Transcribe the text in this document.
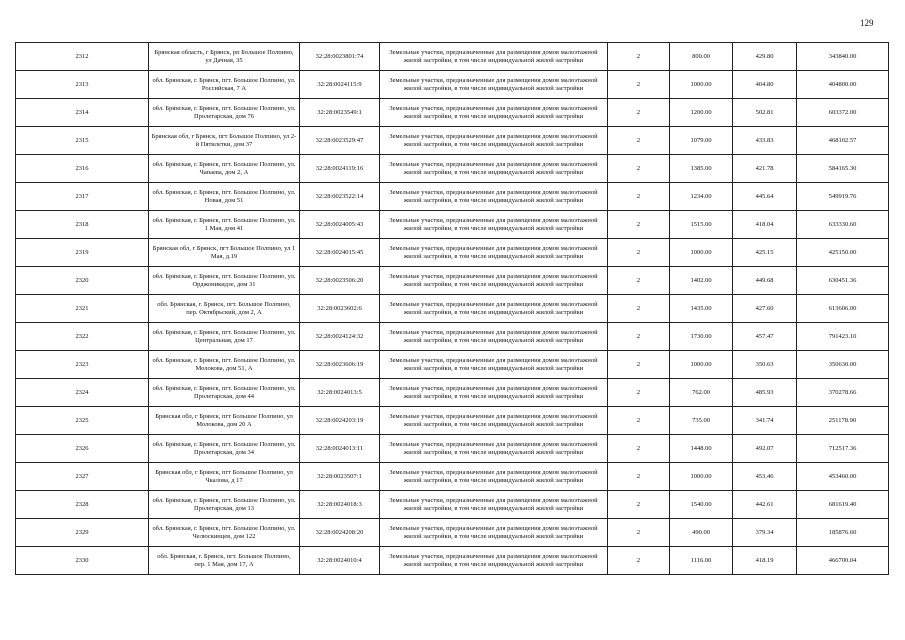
129
2312	Брянская область, г Брянск, рп Большое Полпино, ул Дачная, 35	32:28:0023801:74	Земельные участки, предназначенные для размещения домов малоэтажной жилой застройки, в том числе индивидуальной жилой застройки	2	800.00	429.80	343840.00
2313	обл. Брянская, г. Брянск, пгт. Большое Полпино, ул. Российская, 7 А	32:28:0024115:9	Земельные участки, предназначенные для размещения домов малоэтажной жилой застройки, в том числе индивидуальной жилой застройки	2	1000.00	404.80	404800.00
2314	обл. Брянская, г. Брянск, пгт. Большое Полпино, ул. Пролетарская, дом 76	32:28:0023549:1	Земельные участки, предназначенные для размещения домов малоэтажной жилой застройки, в том числе индивидуальной жилой застройки	2	1200.00	502.81	603372.00
2315	Брянская обл, г Брянск, пгт Большое Полпино, ул 2-й Пятилетки, дом 37	32:28:0023529:47	Земельные участки, предназначенные для размещения домов малоэтажной жилой застройки, в том числе индивидуальной жилой застройки	2	1079.00	433.83	468102.57
2316	обл. Брянская, г. Брянск, пгт. Большое Полпино, ул. Чапаева, дом 2, А	32:28:0024119:16	Земельные участки, предназначенные для размещения домов малоэтажной жилой застройки, в том числе индивидуальной жилой застройки	2	1385.00	421.78	584165.30
2317	обл. Брянская, г. Брянск, пгт. Большое Полпино, ул. Новая, дом 51	32:28:0023522:14	Земельные участки, предназначенные для размещения домов малоэтажной жилой застройки, в том числе индивидуальной жилой застройки	2	1234.00	445.64	549919.76
2318	обл. Брянская, г. Брянск, пгт. Большое Полпино, ул. 1 Мая, дом 41	32:28:0024005:43	Земельные участки, предназначенные для размещения домов малоэтажной жилой застройки, в том числе индивидуальной жилой застройки	2	1515.00	418.04	633330.60
2319	Брянская обл, г Брянск, пгт Большое Полпино, ул 1 Мая, д.19	32:28:0024015:45	Земельные участки, предназначенные для размещения домов малоэтажной жилой застройки, в том числе индивидуальной жилой застройки	2	1000.00	425.15	425150.00
2320	обл. Брянская, г. Брянск, пгт. Большое Полпино, ул. Орджоникидзе, дом 31	32:28:0023506:20	Земельные участки, предназначенные для размещения домов малоэтажной жилой застройки, в том числе индивидуальной жилой застройки	2	1402.00	449.68	630451.36
2321	обл. Брянская, г. Брянск, пгт. Большое Полпино, пер. Октябрьский, дом 2, А	32:28:0023602:6	Земельные участки, предназначенные для размещения домов малоэтажной жилой застройки, в том числе индивидуальной жилой застройки	2	1435.00	427.60	613606.00
2322	обл. Брянская, г. Брянск, пгт. Большое Полпино, ул. Центральная, дом 17	32:28:0024124:32	Земельные участки, предназначенные для размещения домов малоэтажной жилой застройки, в том числе индивидуальной жилой застройки	2	1730.00	457.47	791423.10
2323	обл. Брянская, г. Брянск, пгт. Большое Полпино, ул. Молокова, дом 51, А	32:28:0023606:19	Земельные участки, предназначенные для размещения домов малоэтажной жилой застройки, в том числе индивидуальной жилой застройки	2	1000.00	350.63	350630.00
2324	обл. Брянская, г. Брянск, пгт. Большое Полпино, ул. Пролетарская, дом 44	32:28:0024013:5	Земельные участки, предназначенные для размещения домов малоэтажной жилой застройки, в том числе индивидуальной жилой застройки	2	762.00	485.93	370278.66
2325	Брянская обл, г Брянск, пгт Большое Полпино, ул Молокова, дом 20 А	32:28:0024203:19	Земельные участки, предназначенные для размещения домов малоэтажной жилой застройки, в том числе индивидуальной жилой застройки	2	735.00	341.74	251178.90
2326	обл. Брянская, г. Брянск, пгт. Большое Полпино, ул. Пролетарская, дом 34	32:28:0024013:11	Земельные участки, предназначенные для размещения домов малоэтажной жилой застройки, в том числе индивидуальной жилой застройки	2	1448.00	492.07	712517.36
2327	Брянская обл, г Брянск, пгт Большое Полпино, ул Чкалова, д 17	32:28:0023507:1	Земельные участки, предназначенные для размещения домов малоэтажной жилой застройки, в том числе индивидуальной жилой застройки	2	1000.00	453.46	453460.00
2328	обл. Брянская, г. Брянск, пгт. Большое Полпино, ул. Пролетарская, дом 13	32:28:0024018:3	Земельные участки, предназначенные для размещения домов малоэтажной жилой застройки, в том числе индивидуальной жилой застройки	2	1540.00	442.61	681619.40
2329	обл. Брянская, г. Брянск, пгт. Большое Полпино, ул. Челюскинцев, дом 122	32:28:0024208:20	Земельные участки, предназначенные для размещения домов малоэтажной жилой застройки, в том числе индивидуальной жилой застройки	2	490.00	379.34	185876.60
2330	обл. Брянская, г. Брянск, пгт. Большое Полпино, пер. 1 Мая, дом 17, А	32:28:0024010:4	Земельные участки, предназначенные для размещения домов малоэтажной жилой застройки, в том числе индивидуальной жилой застройки	2	1116.00	418.19	466700.04
